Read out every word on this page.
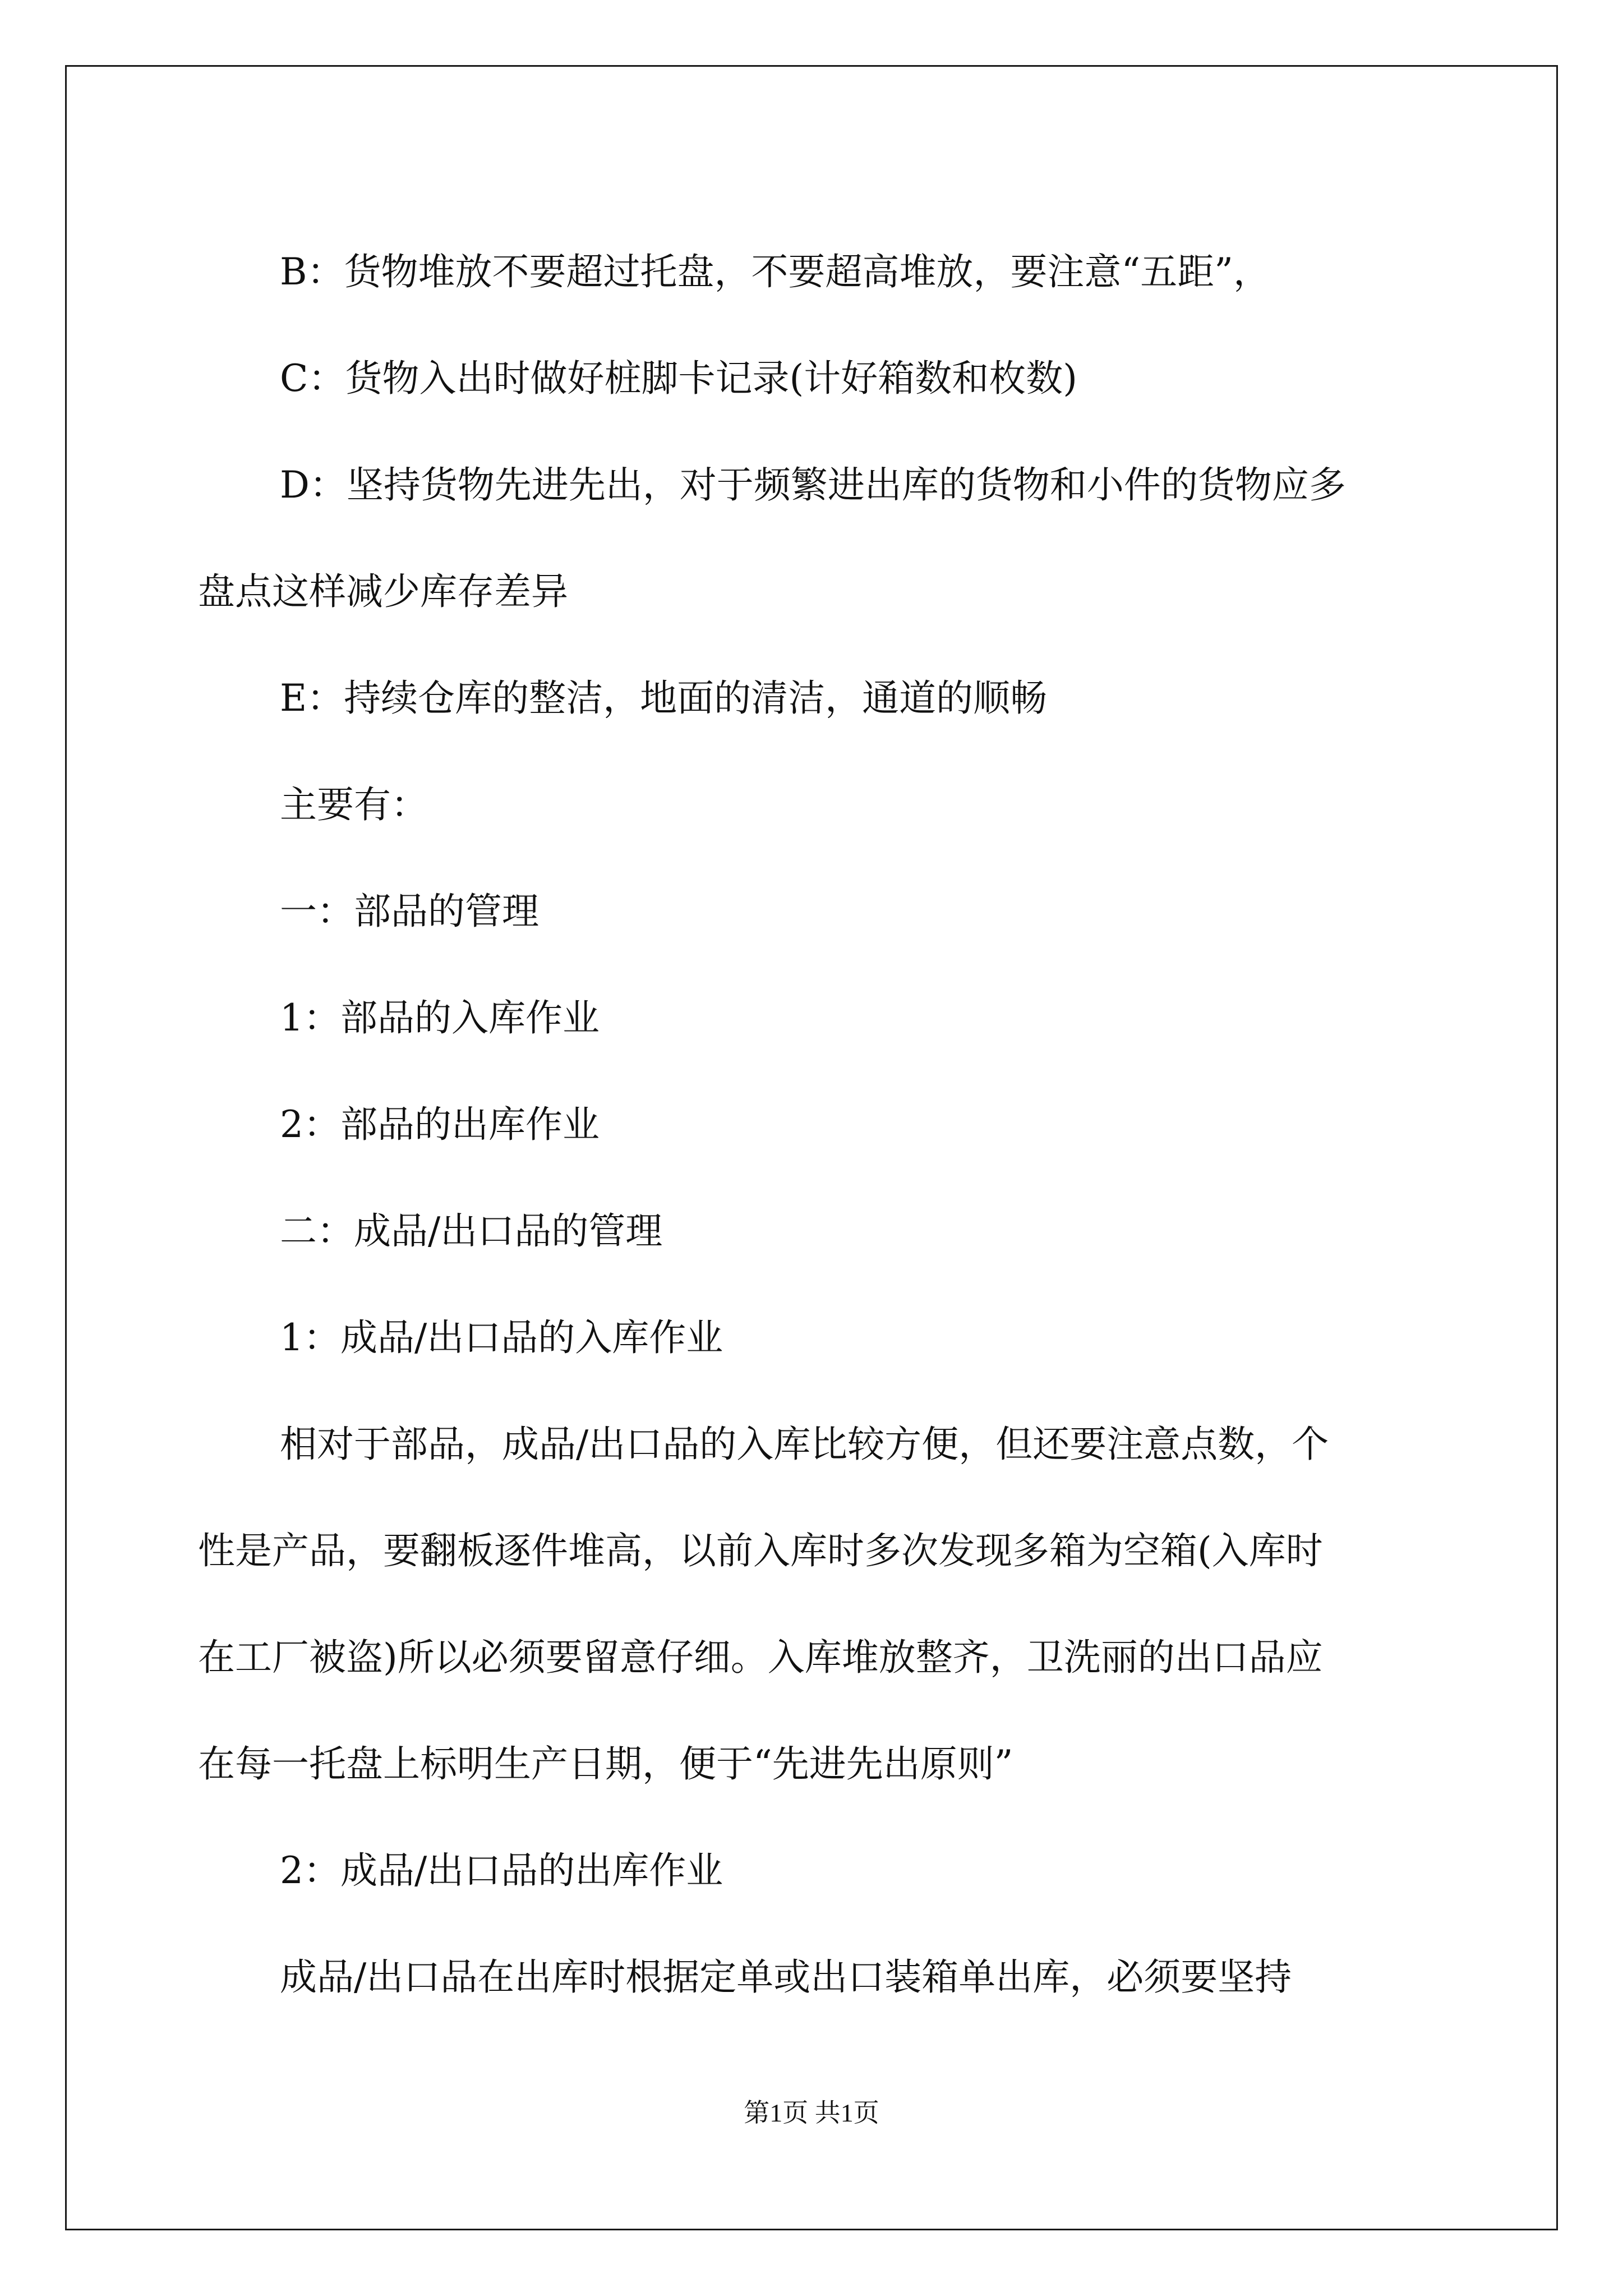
B：货物堆放不要超过托盘，不要超高堆放，要注意“五距”，

C：货物入出时做好桩脚卡记录(计好箱数和枚数)

D：坚持货物先进先出，对于频繁进出库的货物和小件的货物应多

盘点这样减少库存差异

E：持续仓库的整洁，地面的清洁，通道的顺畅

主要有：

一：部品的管理

1：部品的入库作业

2：部品的出库作业

二：成品/出口品的管理

1：成品/出口品的入库作业

相对于部品，成品/出口品的入库比较方便，但还要注意点数，个

性是产品，要翻板逐件堆高，以前入库时多次发现多箱为空箱(入库时

在工厂被盗)所以必须要留意仔细。入库堆放整齐，卫洗丽的出口品应

在每一托盘上标明生产日期，便于“先进先出原则”

2：成品/出口品的出库作业

成品/出口品在出库时根据定单或出口装箱单出库，必须要坚持

第1页 共1页
